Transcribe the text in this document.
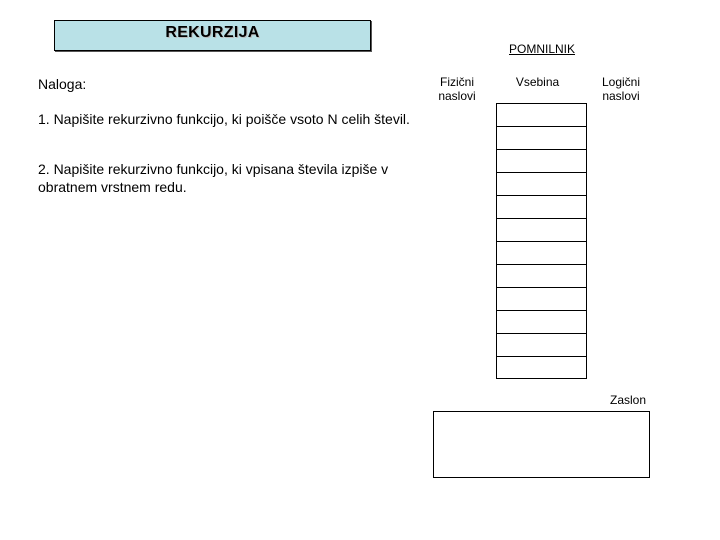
REKURZIJA
Naloga:
1. Napišite rekurzivno funkcijo, ki poišče vsoto N celih števil.
2. Napišite rekurzivno funkcijo, ki vpisana števila izpiše v obratnem vrstnem redu.
POMNILNIK
Fizični naslovi
Vsebina	Logični naslovi
Zaslon
